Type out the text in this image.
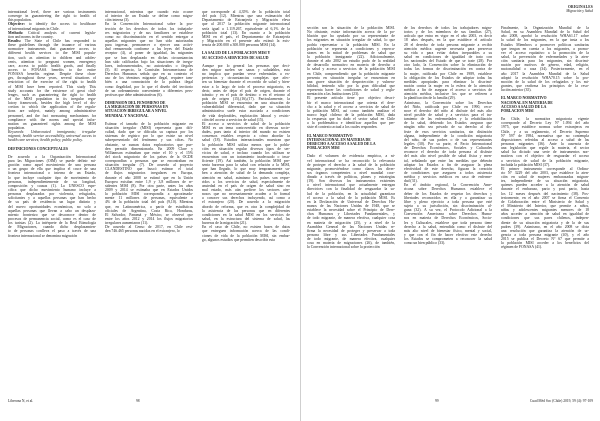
international level, there are various instruments
converge in guaranteeing the right to health of
this population.
Objective: to identify the access to healthcare
of international migrants in Chile.
Methods: Critical analysis of current legisla-
tion and norms in the country.
Results: The State of Chile has responded to
these guidelines through the issuance of various
normative instruments that guarantee access to
different health services to the MISI popula-
tion, such as attention to children and adoles-
cents, attention to pregnant women, emergency
care, access to public health goods, and finally
access to FONASA benefits to the entire
FONASA benefits regime. Despite these chan-
ges, throughout these years, several situations of
restriction of the exercise of the right to health
of MISI have been reported. This study This
study accounts for the existence of great chal-
lenges, such as guaranteeing the right to health
of the MISI population in its irregular regu-
latory framework, besides the high level of dis-
cretion to which the application of the regula-
tions are subject, mainly among administrative
personnel, and the fact measuring mechanisms for
compliance with the norms and special infor-
mation on guaranteed rights among the MISI
population.
Keywords: Unbarcoated immigrants; irregular
migrant; health service accessibility, universal access to
health care services; health policy; public policy.
DEFINICIONES CONCEPTUALES
De acuerdo a la Organización Internacional
para las Migraciones (OIM) se puede definir mi-
gración como aquel movimiento de una persona
o un grupo de ella que implica el cruce de una
frontera internacional o interna de un Estado,
lo que incluye cualquier tipo de movimiento de
personas, independientemente de su longitud,
composición y causas (1). La UNESCO espe-
cifica que dicho movimiento humano incluye a
personas desplazadas por violencia, refugiados,
solicitantes y a aquellas personas que han hecho
de su país de residencia un lugar distinto y
del nuevo oportunidades económicas, no solo a
aquellas personas que llevan a cabo un desplaza-
miento fronterizo que se desconoce dentro de
procesos de permanencia social, como es el caso de
los turistas (2). La intérprete de la Real Etimología
de Migraciones, cuando dicho desplazamien-
to de personas conlleva el paso a través de una
frontera internacional se denomina migración
internacional, mientras que cuando esto ocurre
al interior de un Estado se define como migra-
ción interna (3).
En la Convención Internacional sobre la pro-
tección de los derechos de todos los trabajado-
res migratorios y de sus familiares se establece
como no discriminación en el sentido entregar a
aquellas migrantes que no han sido autorizadas
para ingresar, permanecer o ejercer una activi-
dad remunerada conforme a las leyes del Estado
receptor (4), al poner de igualdad, las migrantes
que se han desplazado en dichas circunstancias
han sido calificadas bajo las situaciones de irregu-
lares, indocumentados, no autorizados o ilegales
(5). Al respecto, la Comisión Interamericana de
Derechos Humanos señala que en su contexto el
uso de los términos migrante ilegal, requiere tam-
bién a una connotación de la palabra ilegal
como ilegalidad, por lo que el diseño del territorio
de un ordenamiento conveniente a diferentes pers-
pectivas que debe administrativas (6).
DIMENSIÓN DEL FENÓMENO DE
LA MIGRACIÓN DE PERSONAS EN
SITUACIÓN IRREGULAR A NIVEL
MUNDIAL Y NACIONAL
Estimar el tamaño de la población migrante en
situación irregular (MISI) representa gran difi-
cultad, dado que se dificulta su captura por los
sistemas de registro por lo que existe un nivel
subrepresentado del fenómeno y sus cifras. No
obstante, se suman datos exploratorios que pue-
den permitir dimensionarla. En 2009 Clare y
Williamson estimaban que entre el 10 y el 15%
del stock migratorio de los países de la OCDE
correspondían a personas que se encontraban en
situación irregular (7). De acuerdo al proyecto
CLANDESTINO que buscó estimar el total
de flujos migratorios irregulares en Europa,
durante el año 2008 se estimó que en la Unión
Europea existían entre 1,9 y 3,8 millones de re-
sidentes MISI (8). Por otra parte, antes los años
2009 y 2014 se estimaba que en Estados Unidos
la población MISI correspondía a aproximada-
mente 11 millones de personas, equivalente a
4% de la población total del país (9,10). Mientras
que, en Latinoamérica, a partir de estadísticas
oficiales de Argentina, Costa Rica, Honduras,
El Salvador, Panamá y México, se observó que
entre los años 2012 y 2014 los flujos migratorios
irregulares aumentaron (11).
De acuerdo al Censo de 2017, en Chile resi-
den 746.465 personas nacidas en el extranjero, lo
que corresponde al 4,35% de la población total
del país (12). Mientras que una estimación del
Departamento de Extranjería y Migración eleva
que al 2017 la población migrante internacional
sería igual a 1.119.267, equivalente al 6,1% de la
población total (13). En cuanto a la población
MISI en el país, el Departamento de Extranjería
y Migración en el presente año estimó la exis-
tencia de 200.000 a 300.000 personas MISI (14).
LA SALUD DE LA POBLACIÓN MISI Y
SU ACCESO A SERVICIOS DE SALUD
Aunque por lo general las personas que deci-
den migrar suelen ser sanas y saludables, esto
no implica que puedan verse enfrentadas a ex-
periencias y circunstancias complejas que afec-
ten su bienestar durante el recorrido de salud y bien-
estar a lo largo de todo el proceso migratorio, es
decir, antes de dejar el país de origen, durante el
tránsito y en el país de destino o en el retorno al
país de origen (15),(16),(17). Particularmente, la
población MISI se encuentra en una situación de
vulnerabilidad diferencial, dado que su situación
administrativa suele estar asociada a condiciones
de vida deplorables, explotación laboral y restric-
ción del acceso a servicios de salud (15).
El acceso a servicios de salud de la población
MISI es un tema controvertido en diversas socie-
dades, pues tanto al interior del mundo no existen
consensos estables respecto a cómo abordar la
salud (18). Estudios internacionales muestran que
la población MISI utiliza menos que la pobla-
ción en situación regular diversos tipos de ser-
vicios de salud, e incluso cuando los utilizan se
encuentran con un tratamiento inadecuado o insu-
ficiente (19). Así también, la población MISI pre-
senta barreras para la salud con relación a la MISI,
que han llegado, lo que muy tempranamente su-
ben a atención de salud de la demanda compleja,
atención en salud, asimismo los países son reque-
ridos a los servicios de salud, especialmente de
ansiedad en el país de origen de salud sino en
mal estado, más aún prefiere los sectores aire-
nosos que no necesariamente acuden a lo formal
a conocer sus derechos incluyendo, así como a
el extranjero (20). De acuerdo a la migración
abordo de reforma, que es otra la complejidad de
la asistencia de las personas que en diferentes
condiciones en la salud MISI en los servicios de
salud, en la estructura del sistema de salud, las
barreras de la migración (21).
En el caso de Chile, no existen bases de datos
que entreguen información acerca de las condi-
ciones de vida de la población MISI, sin embar-
go, algunos estudios que permiten describir esta
Liberona N, et al.	98
ORIGINALES
Migración y Salud
sección son la situación de la población MISI.
No obstante, existe información acerca de la po-
blación que ha ayudado por su representante de
los migrantes en situación irregular de salud, lo que
podría representar a la población MISI. En la
población se representa a condiciones y repercu-
siones en la mitad de problemas de salud que
la población inmigrante (22). Adicionalmente,
durante el año 2002 un estudio pudo de la realidad
de desarrollo normativo en materia de derecho a
la salud y acceso a servicios de la población MISI
en Chile, comprendiendo que la población migrante
presenta en situación irregular se encuentran en
una grave situación de desprotección y vulnera-
bilidad, teniendo sólo por la gran dificultad que
representa hacer las condiciones de salud y regla-
mentación a las Instituciones (23).
El presente artículo tiene por objetivo descri-
bir el marco internacional que orienta el dere-
cho a la salud y el acceso a servicios de salud de
la población MISI, así como también analizar el
marco legal chileno de la población MISI, dada
la respuesta que ha dado el sector salud en Chile
a la problemática e identificar aquellos que per-
siste el contexto actual a los cuales responden.
EL MARCO NORMATIVO
INTERNACIONAL EN MATERIA DE
DERECHO A ACCESO A SALUD DE LA
POBLACIÓN MISI
Dado el volumen de evidencia empírica, a ni-
vel internacional se ha reconocido la relevancia
de proteger el derecho a la salud de la población
migrante, promoviéndose como claros los diver-
sos órganos competentes a nivel mundial coor-
dinado a través de políticas, planes y estrategias
(19). Son diversos los instrumentos existentes
a nivel internacional que actualmente entregan
directrices con la finalidad de resguardar la sa-
lud de la población, en la actualidad garantizar
el acceso a la salud de la población MISI. Es
en la Declaración de Universal de Derechos Hu-
manos de las Naciones Unidas de 1948, que se
establece la necesidad sobre el Principio de Dere-
chos Humanos y Libertades Fundamentales, y
de todo migrante, de manera efectiva, cualquier cosa
en materia de migración (25), y a nivel de la
Asamblea General de las Naciones Unidas re-
firma la necesidad de proteger y preservar a toda
persona libre y sus Libertades Fundamentales
de todo migrante, de manera efectiva, cualquier
cosa en materia de migraciones (26), de también,
la Convención internacional sobre la protección
de los derechos de todos los trabajadores migra-
torios y de los miembros de sus familias (27),
artículo que entra en vigor en el año 2003, es decir
18 años después, en la que establece el artículo
28 el derecho de toda persona migrante a recibir
atención médica urgente necesaria para preservar
su vida o para evitar daños irreparables a su
salud en condiciones de igualdad de trato con
los nacionales del Estado de que se trate (28). Por
otro lado, la Convención sobre la eliminación de
todas las formas de discriminación en contra de
la mujer, ratificada por Chile en 1989, establece
la obligación de los Estados de adoptar todas las
medidas apropiadas para eliminar la discrimi-
nación contra la mujer en la esfera de la atención
médica a fin de asegurar el acceso a servicios de
atención médica, inclusive los que se refieren a
la planificación de la familia (29).
Asimismo, la Convención sobre los Derechos
del Niño, ratificada por Chile en 1990, reco-
noce el derecho del niño al disfrute del más alto
nivel posible de salud y a servicios para el tra-
tamiento de las enfermedades y la rehabilitación
de la salud, debiendo los Estados asegurar que
ningún niño sea privado de su derecho al dis-
frute de esos servicios sanitarios, sin distinción
alguna, independiente de la condición migratoria
del niño, de sus padres o de sus representantes
legales (30). Por su parte, el Pacto Internacional
de Derechos Económicos, Sociales y Culturales
reconoce el derecho de toda persona al disfrute
del más alto nivel posible de salud física y men-
tal, señalando que entre las medidas que deberán
adoptar los Estados a fin de asegurar la plena
efectividad de este derecho, figuran la creación
de condiciones que aseguren a todos asistencia
médica y servicios médicos en caso de enferme-
dad (31).
En el ámbito regional, la Convención Ame-
ricana sobre Derechos Humanos establece el
deber de los Estados de respetar los derechos y
libertades reconocidos en ella y a garantizar su
libre y pleno ejercicio a toda persona que esté
sujeta a su jurisdicción, sin discriminación al-
guna (32). A su vez, el Protocolo Adicional a la
Convención Americana sobre Derechos Huma-
nos en materia de Derechos Económicos, Socia-
les y Culturales, establece que toda persona tiene
derecho a la salud, entendida como el disfrute del
más alto nivel de bienestar físico, mental y social,
y que con el fin de hacer efectivo este derecho
los Estados se comprometen a reconocer la salud
como un bien público (33).
Finalmente, la Organización Mundial de la
Salud, en su Asamblea Mundial de la Salud del
año 2008, aprobó la resolución WHA61.17 sobre
la salud de los migrantes, en la que insta a los
Estados Miembros a promover políticas sanitarias
que tengan en cuenta a los migrantes, a promo-
ver el acceso equitativo a la promoción de la
salud, la prevención de enfermedades y la aten-
ción sanitaria para los migrantes, sin discrimi-
nación por motivos de género, edad, religión,
nacionalidad o raza (34). Posteriormente, en el
año 2017 la Asamblea Mundial de la Salud
adoptó la resolución WHA70.15 sobre la pro-
moción de la salud de los refugiados y los mi-
grantes, que reafirma los principios de la reso-
lución anterior (35).
EL MARCO NORMATIVO
NACIONAL EN MATERIA DE
ACCESO A SALUD DE LA
POBLACIÓN MISI
En Chile, la normativa migratoria vigente
corresponde al Decreto Ley N° 1.094 del año
1975, que establece normas sobre extranjeros en
Chile, y a su reglamento, el Decreto Supremo
N° 597 de 1984, normativa que no contempla
disposiciones referidas al acceso a salud de las
personas migrantes (36). Ante la ausencia de
una legislación que regule la materia, el sector
salud ha dictado una serie de instrumentos nor-
mativos con el objetivo de resguardar el acceso
a servicios de salud de la población migrante,
incluida la población MISI (37).
El primer instrumento corresponde al Ordina-
rio N° 3229 del año 2003, que establece la aten-
ción en salud de mujeres embarazadas migran-
tes, independiente de su situación migratoria,
quienes pueden acceder a la atención de salud
durante el embarazo, parto y post parto, hasta
los 12 meses después del nacimiento (38). Pos-
teriormente, en el año 2007 se firma el Convenio
de Colaboración entre el Ministerio de Salud y
el Ministerio del Interior, que permite a niños,
niñas y adolescentes migrantes menores de 18
años acceder a atención de salud en igualdad de
condiciones que sus pares chilenos, indepen-
diente de su situación migratoria y de la de sus
padres (39). Asimismo, en el año 2008 se dicta
una resolución que garantiza la atención de ur-
gencia a toda persona migrante (40), y el año
2015 se publica el Decreto N° 67 que permite a
la población MISI acceder a los beneficios del
régimen de FONASA (41).
99	Cuad Méd Soc (Chile) 2019, 59 (4): 97-109
